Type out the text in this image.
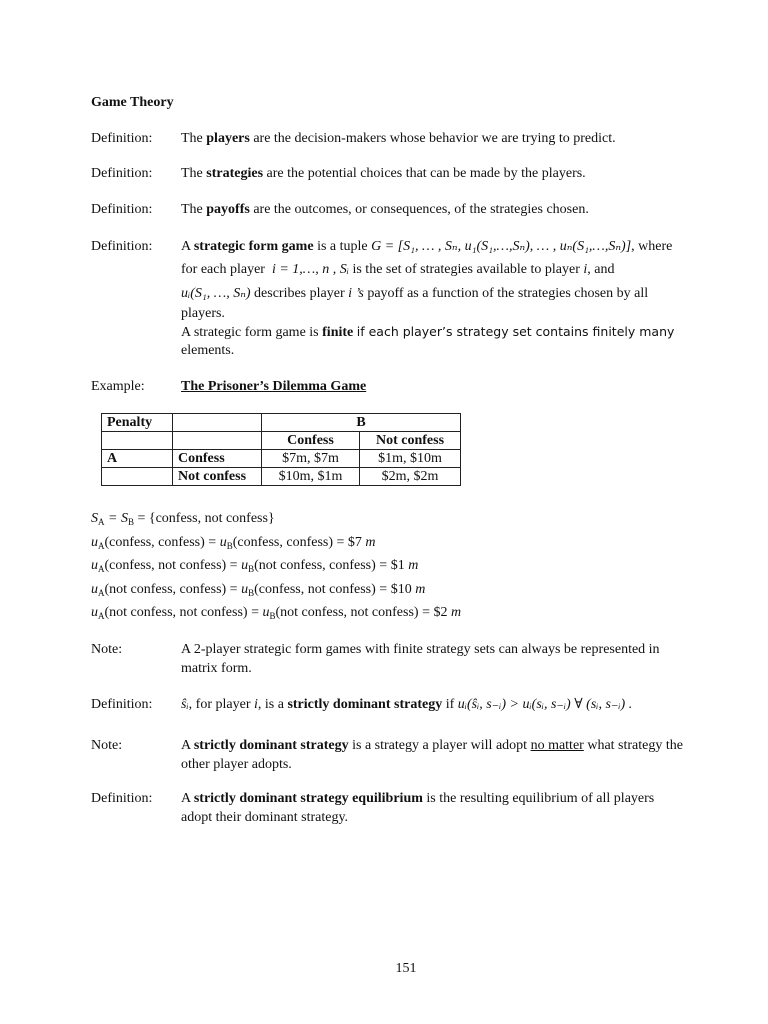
Game Theory
Definition: The players are the decision-makers whose behavior we are trying to predict.
Definition: The strategies are the potential choices that can be made by the players.
Definition: The payoffs are the outcomes, or consequences, of the strategies chosen.
Definition: A strategic form game is a tuple G = [S₁, … , Sₙ, u₁(S₁,…,Sₙ), … , uₙ(S₁,…,Sₙ)], where
for each player i = 1,…, n , Sᵢ is the set of strategies available to player i, and
uᵢ(S₁, …, Sₙ) describes player i ’s payoff as a function of the strategies chosen by all
players.
A strategic form game is finite if each player’s strategy set contains finitely many
elements.
Example:	The Prisoner’s Dilemma Game
Penalty		B	
		Confess	Not confess
A	Confess	$7m, $7m	$1m, $10m
	Not confess	$10m, $1m	$2m, $2m
$S_A = S_B$ = {confess, not confess}
$u_A(confess$, confess) = $u_B(confess$, confess) = $7 m
$u_A(confess$, not confess) = $u_B(not$ confess, confess) = $1 m
$u_A(not$ confess, confess) = $u_B(confess$, not confess) = $10 m
$u_A(not$ confess, not confess) = $u_B(not$ confess, not confess) = $2 m
Note:	A 2-player strategic form games with finite strategy sets can always be represented in
matrix form.
Definition: ŝᵢ, for player i, is a strictly dominant strategy if uᵢ(ŝᵢ, s₋ᵢ) > uᵢ(sᵢ, s₋ᵢ) ∀ (sᵢ, s₋ᵢ) .
Note:	A strictly dominant strategy is a strategy a player will adopt no matter what strategy the
other player adopts.
Definition: A strictly dominant strategy equilibrium is the resulting equilibrium of all players
adopt their dominant strategy.
151
